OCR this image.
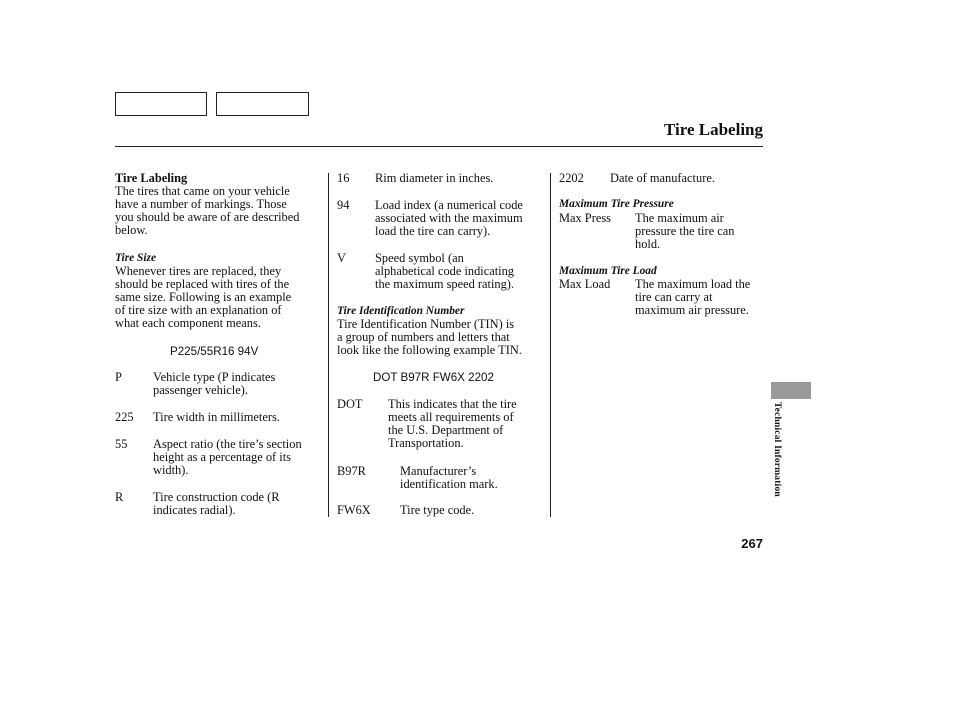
Tire Labeling
Tire Labeling
The tires that came on your vehicle
have a number of markings. Those
you should be aware of are described
below.
Tire Size
Whenever tires are replaced, they
should be replaced with tires of the
same size. Following is an example
of tire size with an explanation of
what each component means.
P225/55R16 94V
P	Vehicle type (P indicates
passenger vehicle).
225 Tire width in millimeters.
55 Aspect ratio (the tire’s section
height as a percentage of its
width).
R Tire construction code (R
indicates radial).
16 Rim diameter in inches.
94 Load index (a numerical code
associated with the maximum
load the tire can carry).
V Speed symbol (an
alphabetical code indicating
the maximum speed rating).
Tire Identification Number
Tire Identification Number (TIN) is
a group of numbers and letters that
look like the following example TIN.
DOT B97R FW6X 2202
DOT This indicates that the tire
meets all requirements of
the U.S. Department of
Transportation.
B97R	Manufacturer’s
identification mark.
FW6X Tire type code.
2202 Date of manufacture.
Maximum Tire Pressure
Max Press The maximum air
pressure the tire can
hold.
Maximum Tire Load
Max Load The maximum load the
tire can carry at
maximum air pressure.
Technical Information
267
